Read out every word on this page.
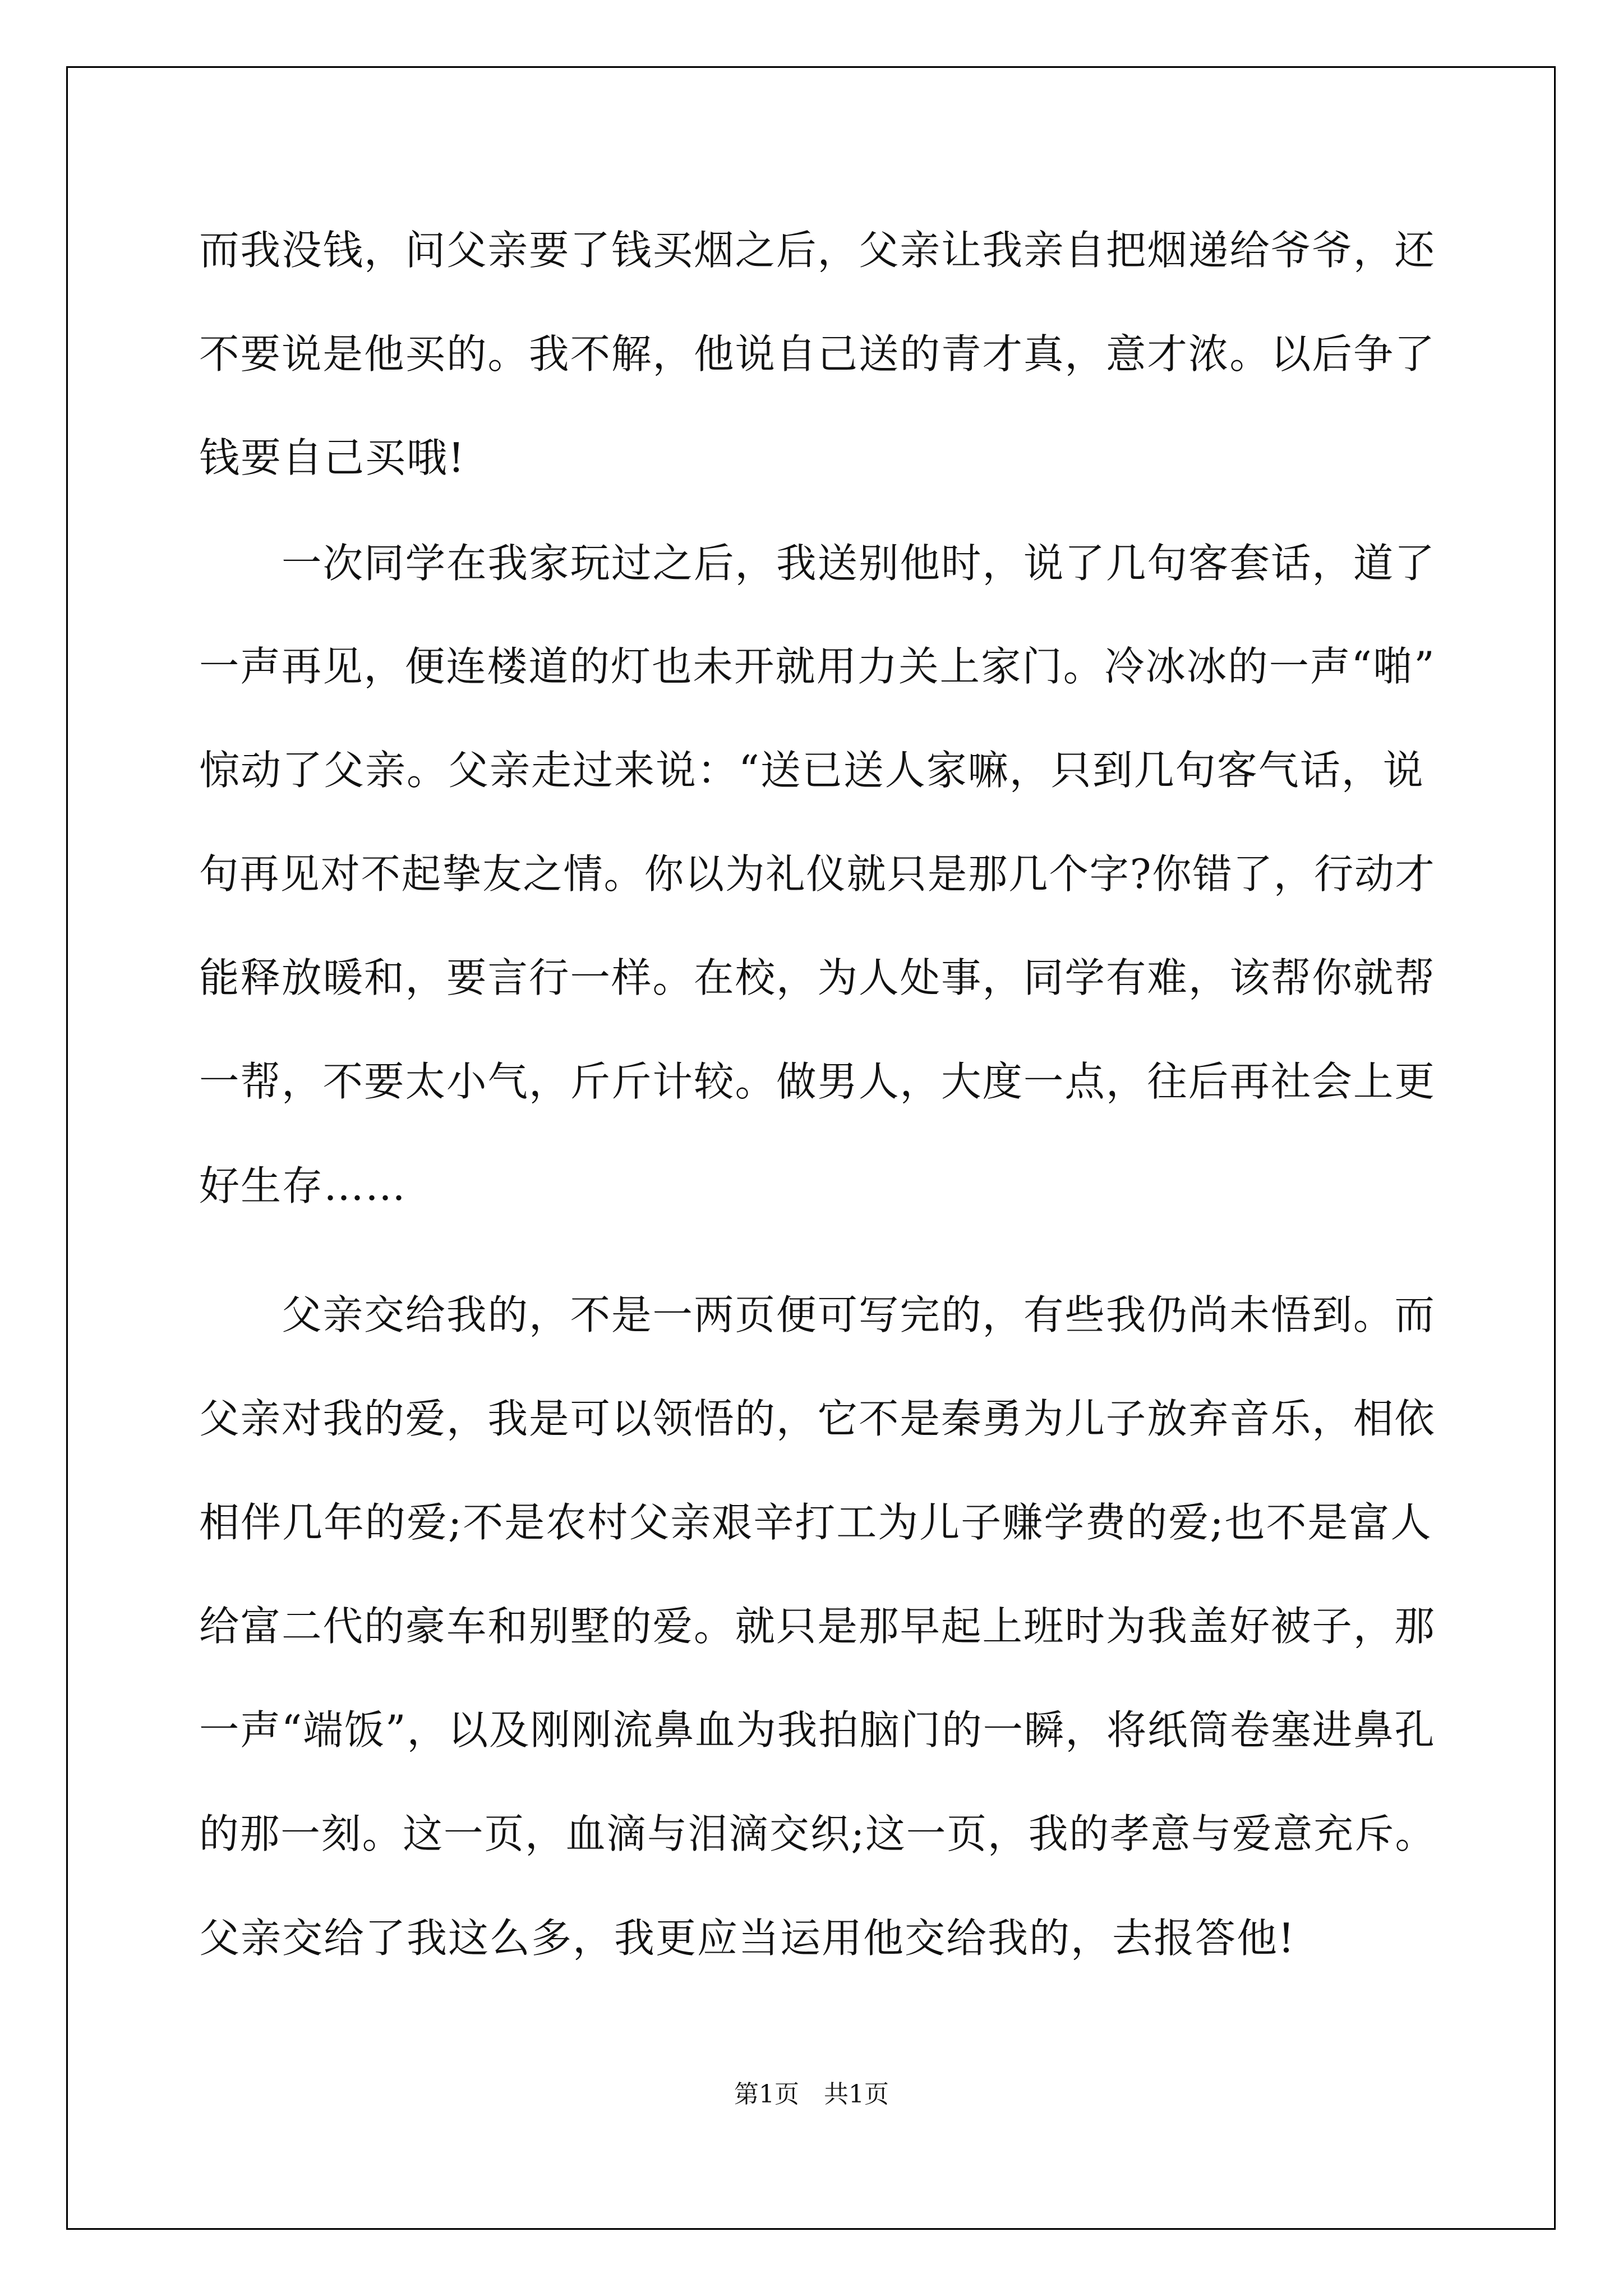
而我没钱，问父亲要了钱买烟之后，父亲让我亲自把烟递给爷爷，还
不要说是他买的。我不解，他说自己送的青才真，意才浓。以后争了
钱要自己买哦!
　　一次同学在我家玩过之后，我送别他时，说了几句客套话，道了
一声再见，便连楼道的灯也未开就用力关上家门。冷冰冰的一声“啪”
惊动了父亲。父亲走过来说：“送已送人家嘛，只到几句客气话，说
句再见对不起挚友之情。你以为礼仪就只是那几个字?你错了，行动才
能释放暖和，要言行一样。在校，为人处事，同学有难，该帮你就帮
一帮，不要太小气，斤斤计较。做男人，大度一点，往后再社会上更
好生存……
　　父亲交给我的，不是一两页便可写完的，有些我仍尚未悟到。而
父亲对我的爱，我是可以领悟的，它不是秦勇为儿子放弃音乐，相依
相伴几年的爱;不是农村父亲艰辛打工为儿子赚学费的爱;也不是富人
给富二代的豪车和别墅的爱。就只是那早起上班时为我盖好被子，那
一声“端饭”，以及刚刚流鼻血为我拍脑门的一瞬，将纸筒卷塞进鼻孔
的那一刻。这一页，血滴与泪滴交织;这一页，我的孝意与爱意充斥。
父亲交给了我这么多，我更应当运用他交给我的，去报答他!
第1页　共1页
